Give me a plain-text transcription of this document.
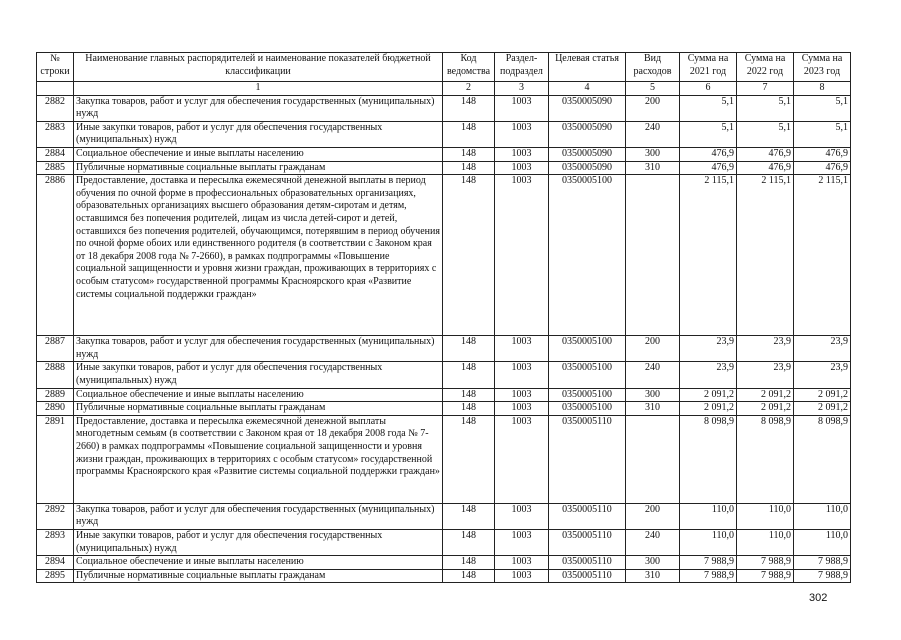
№ строки	Наименование главных распорядителей и наименование показателей бюджетной классификации	Код ведомства	Раздел-подраздел	Целевая статья	Вид расходов	Сумма на 2021 год	Сумма на 2022 год	Сумма на 2023 год
	1	2	3	4	5	6	7	8
2882	Закупка товаров, работ и услуг для обеспечения государственных (муниципальных) нужд	148	1003	0350005090	200	5,1	5,1	5,1
2883	Иные закупки товаров, работ и услуг для обеспечения государственных (муниципальных) нужд	148	1003	0350005090	240	5,1	5,1	5,1
2884	Социальное обеспечение и иные выплаты населению	148	1003	0350005090	300	476,9	476,9	476,9
2885	Публичные нормативные социальные выплаты гражданам	148	1003	0350005090	310	476,9	476,9	476,9
2886	Предоставление, доставка и пересылка ежемесячной денежной выплаты в период обучения по очной форме в профессиональных образовательных организациях, образовательных организациях высшего образования детям-сиротам и детям, оставшимся без попечения родителей, лицам из числа детей-сирот и детей, оставшихся без попечения родителей, обучающимся, потерявшим в период обучения по очной форме обоих или единственного родителя (в соответствии с Законом края от 18 декабря 2008 года № 7-2660), в рамках подпрограммы «Повышение социальной защищенности и уровня жизни граждан, проживающих в территориях с особым статусом» государственной программы Красноярского края «Развитие системы социальной поддержки граждан»	148	1003	0350005100		2 115,1	2 115,1	2 115,1
2887	Закупка товаров, работ и услуг для обеспечения государственных (муниципальных) нужд	148	1003	0350005100	200	23,9	23,9	23,9
2888	Иные закупки товаров, работ и услуг для обеспечения государственных (муниципальных) нужд	148	1003	0350005100	240	23,9	23,9	23,9
2889	Социальное обеспечение и иные выплаты населению	148	1003	0350005100	300	2 091,2	2 091,2	2 091,2
2890	Публичные нормативные социальные выплаты гражданам	148	1003	0350005100	310	2 091,2	2 091,2	2 091,2
2891	Предоставление, доставка и пересылка ежемесячной денежной выплаты многодетным семьям (в соответствии с Законом края от 18 декабря 2008 года № 7-2660) в рамках подпрограммы «Повышение социальной защищенности и уровня жизни граждан, проживающих в территориях с особым статусом» государственной программы Красноярского края «Развитие системы социальной поддержки граждан»	148	1003	0350005110		8 098,9	8 098,9	8 098,9
2892	Закупка товаров, работ и услуг для обеспечения государственных (муниципальных) нужд	148	1003	0350005110	200	110,0	110,0	110,0
2893	Иные закупки товаров, работ и услуг для обеспечения государственных (муниципальных) нужд	148	1003	0350005110	240	110,0	110,0	110,0
2894	Социальное обеспечение и иные выплаты населению	148	1003	0350005110	300	7 988,9	7 988,9	7 988,9
2895	Публичные нормативные социальные выплаты гражданам	148	1003	0350005110	310	7 988,9	7 988,9	7 988,9
302
